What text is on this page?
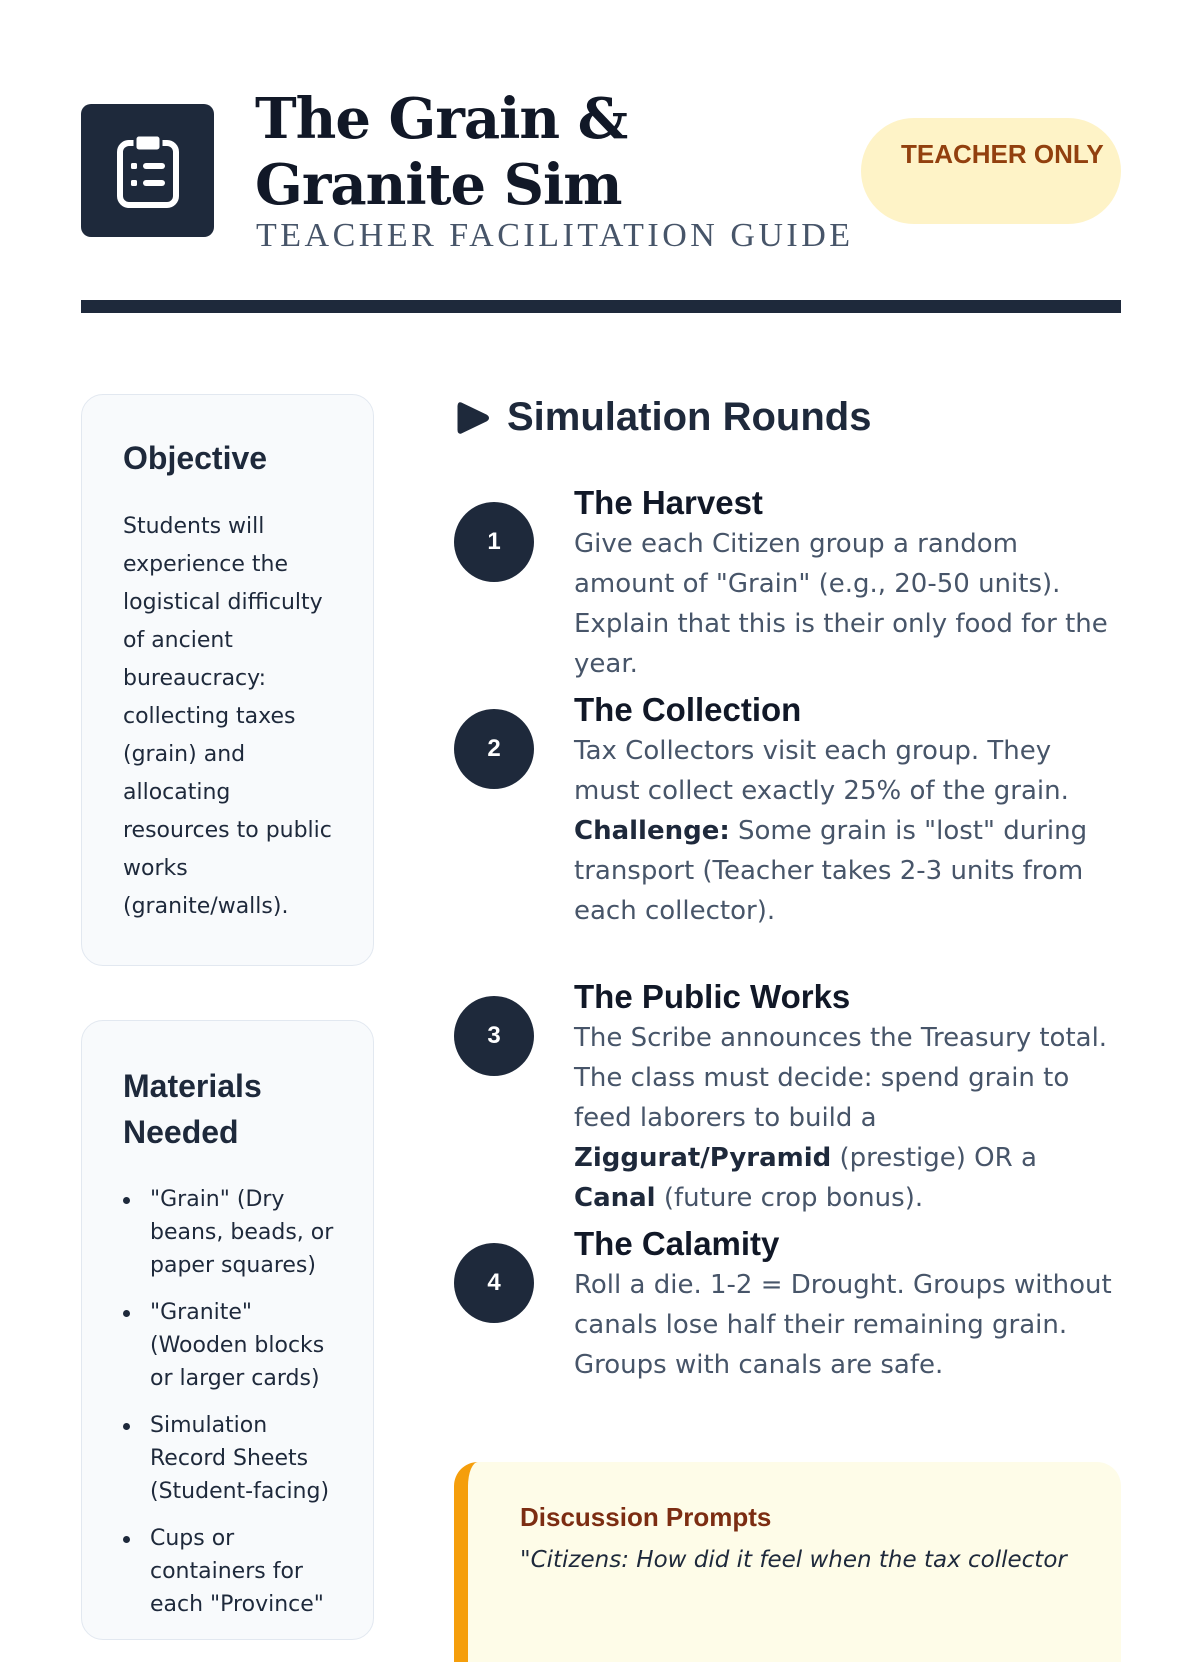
The Grain & Granite Sim
TEACHER FACILITATION GUIDE
TEACHER ONLY
Objective

Students will experience the logistical difficulty of ancient bureaucracy: collecting taxes (grain) and allocating resources to public works (granite/walls).

Materials Needed
"Grain" (Dry beans, beads, or paper squares)
"Granite" (Wooden blocks or larger cards)
Simulation Record Sheets (Student-facing)
Cups or containers for each "Province"
Simulation Rounds
1
The Harvest

Give each Citizen group a random amount of "Grain" (e.g., 20-50 units). Explain that this is their only food for the year.

2
The Collection

Tax Collectors visit each group. They must collect exactly 25% of the grain. Challenge: Some grain is "lost" during transport (Teacher takes 2-3 units from each collector).

3
The Public Works

The Scribe announces the Treasury total. The class must decide: spend grain to feed laborers to build a Ziggurat/Pyramid (prestige) OR a Canal (future crop bonus).

4
The Calamity

Roll a die. 1-2 = Drought. Groups without canals lose half their remaining grain. Groups with canals are safe.

Discussion Prompts

"Citizens: How did it feel when the tax collector
